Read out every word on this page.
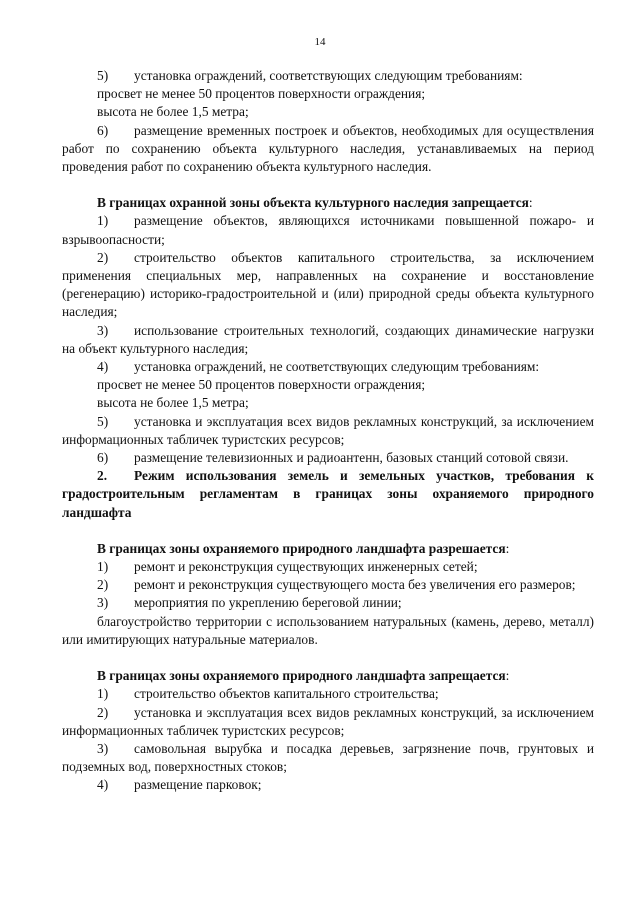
14

5) установка ограждений, соответствующих следующим требованиям:

просвет не менее 50 процентов поверхности ограждения;

высота не более 1,5 метра;

6) размещение временных построек и объектов, необходимых для осуществления работ по сохранению объекта культурного наследия, устанавливаемых на период проведения работ по сохранению объекта культурного наследия.

В границах охранной зоны объекта культурного наследия запрещается:

1) размещение объектов, являющихся источниками повышенной пожаро- и взрывоопасности;

2) строительство объектов капитального строительства, за исключением применения специальных мер, направленных на сохранение и восстановление (регенерацию) историко-градостроительной и (или) природной среды объекта культурного наследия;

3) использование строительных технологий, создающих динамические нагрузки на объект культурного наследия;

4) установка ограждений, не соответствующих следующим требованиям:

просвет не менее 50 процентов поверхности ограждения;

высота не более 1,5 метра;

5) установка и эксплуатация всех видов рекламных конструкций, за исключением информационных табличек туристских ресурсов;

6) размещение телевизионных и радиоантенн, базовых станций сотовой связи.

2. Режим использования земель и земельных участков, требования к градостроительным регламентам в границах зоны охраняемого природного ландшафта

В границах зоны охраняемого природного ландшафта разрешается:

1) ремонт и реконструкция существующих инженерных сетей;

2) ремонт и реконструкция существующего моста без увеличения его размеров;

3) мероприятия по укреплению береговой линии;

благоустройство территории с использованием натуральных (камень, дерево, металл) или имитирующих натуральные материалов.

В границах зоны охраняемого природного ландшафта запрещается:

1) строительство объектов капитального строительства;

2) установка и эксплуатация всех видов рекламных конструкций, за исключением информационных табличек туристских ресурсов;

3) самовольная вырубка и посадка деревьев, загрязнение почв, грунтовых и подземных вод, поверхностных стоков;

4) размещение парковок;
